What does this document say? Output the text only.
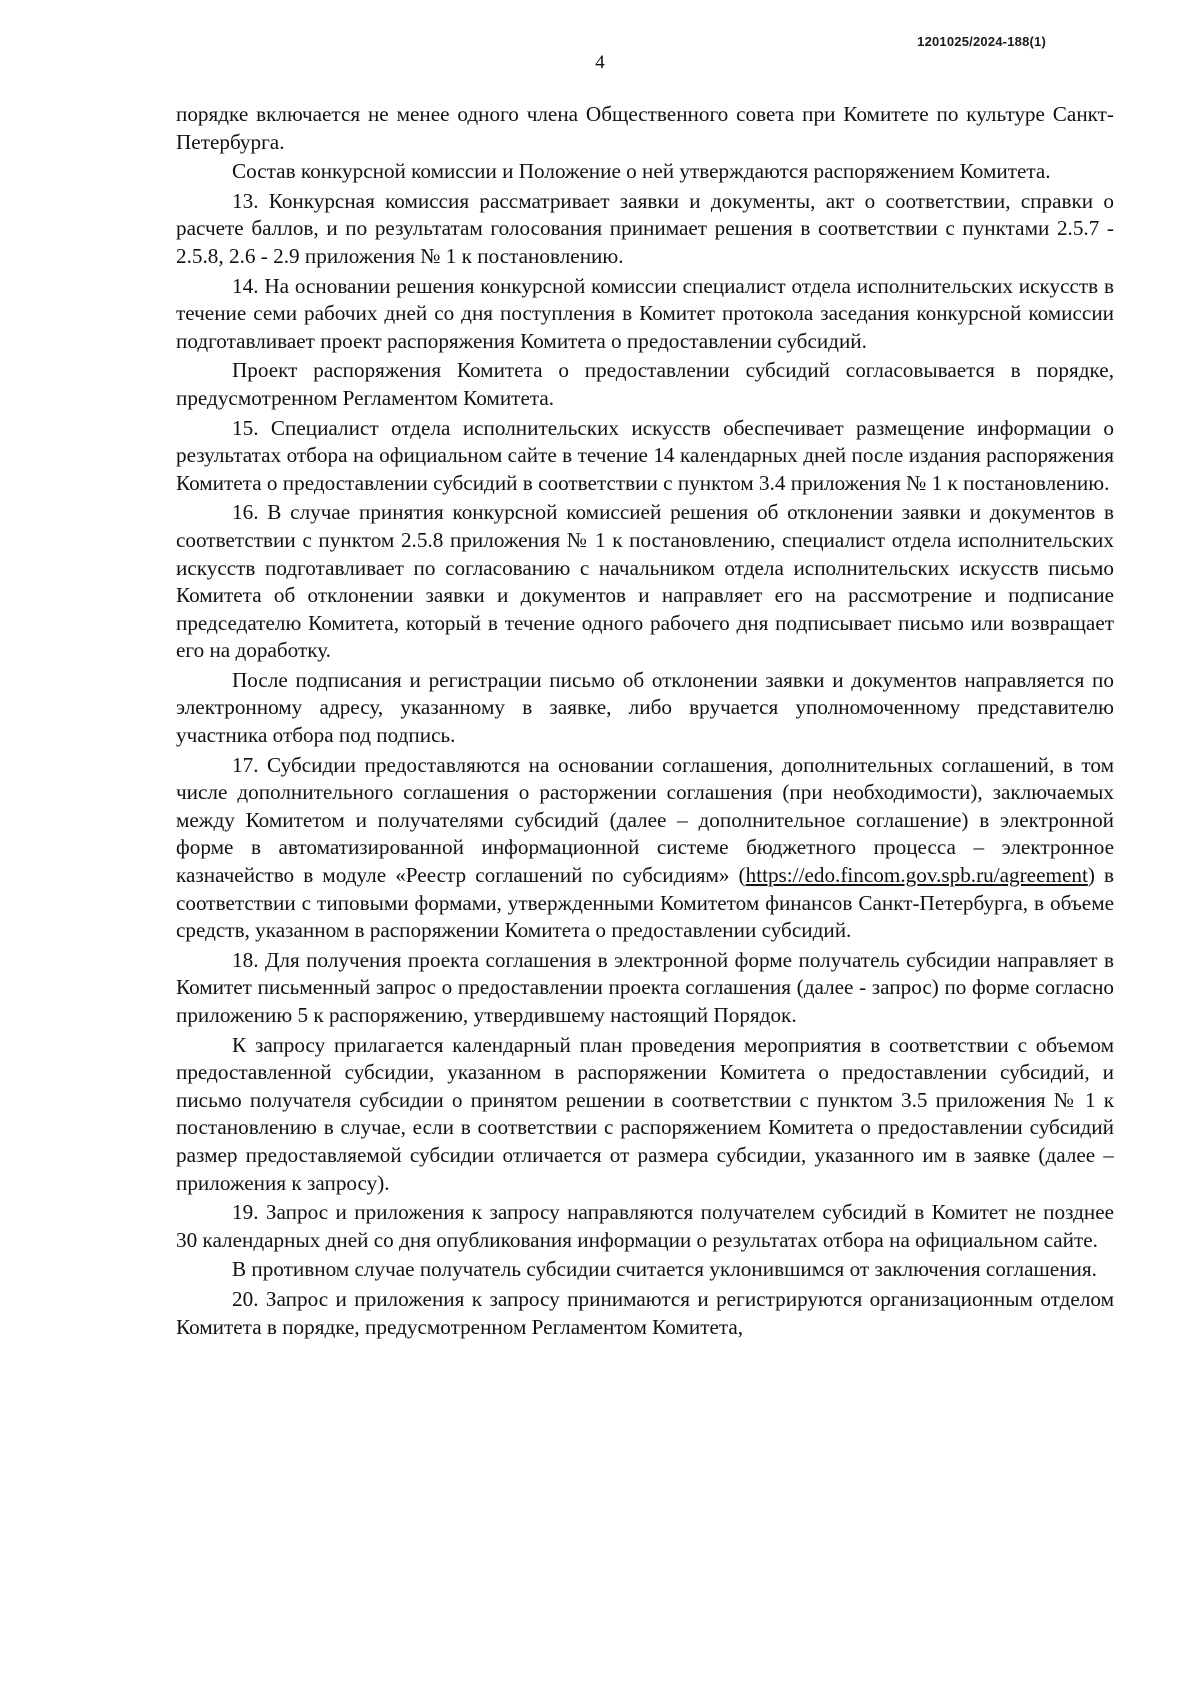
1201025/2024-188(1)
4

порядке включается не менее одного члена Общественного совета при Комитете по культуре Санкт-Петербурга.

Состав конкурсной комиссии и Положение о ней утверждаются распоряжением Комитета.

13. Конкурсная комиссия рассматривает заявки и документы, акт о соответствии, справки о расчете баллов, и по результатам голосования принимает решения в соответствии с пунктами 2.5.7 - 2.5.8, 2.6 - 2.9 приложения № 1 к постановлению.

14. На основании решения конкурсной комиссии специалист отдела исполнительских искусств в течение семи рабочих дней со дня поступления в Комитет протокола заседания конкурсной комиссии подготавливает проект распоряжения Комитета о предоставлении субсидий.

Проект распоряжения Комитета о предоставлении субсидий согласовывается в порядке, предусмотренном Регламентом Комитета.

15. Специалист отдела исполнительских искусств обеспечивает размещение информации о результатах отбора на официальном сайте в течение 14 календарных дней после издания распоряжения Комитета о предоставлении субсидий в соответствии с пунктом 3.4 приложения № 1 к постановлению.

16. В случае принятия конкурсной комиссией решения об отклонении заявки и документов в соответствии с пунктом 2.5.8 приложения № 1 к постановлению, специалист отдела исполнительских искусств подготавливает по согласованию с начальником отдела исполнительских искусств письмо Комитета об отклонении заявки и документов и направляет его на рассмотрение и подписание председателю Комитета, который в течение одного рабочего дня подписывает письмо или возвращает его на доработку.

После подписания и регистрации письмо об отклонении заявки и документов направляется по электронному адресу, указанному в заявке, либо вручается уполномоченному представителю участника отбора под подпись.

17. Субсидии предоставляются на основании соглашения, дополнительных соглашений, в том числе дополнительного соглашения о расторжении соглашения (при необходимости), заключаемых между Комитетом и получателями субсидий (далее – дополнительное соглашение) в электронной форме в автоматизированной информационной системе бюджетного процесса – электронное казначейство в модуле «Реестр соглашений по субсидиям» (https://edo.fincom.gov.spb.ru/agreement) в соответствии с типовыми формами, утвержденными Комитетом финансов Санкт-Петербурга, в объеме средств, указанном в распоряжении Комитета о предоставлении субсидий.

18. Для получения проекта соглашения в электронной форме получатель субсидии направляет в Комитет письменный запрос о предоставлении проекта соглашения (далее - запрос) по форме согласно приложению 5 к распоряжению, утвердившему настоящий Порядок.

К запросу прилагается календарный план проведения мероприятия в соответствии с объемом предоставленной субсидии, указанном в распоряжении Комитета о предоставлении субсидий, и письмо получателя субсидии о принятом решении в соответствии с пунктом 3.5 приложения № 1 к постановлению в случае, если в соответствии с распоряжением Комитета о предоставлении субсидий размер предоставляемой субсидии отличается от размера субсидии, указанного им в заявке (далее – приложения к запросу).

19. Запрос и приложения к запросу направляются получателем субсидий в Комитет не позднее 30 календарных дней со дня опубликования информации о результатах отбора на официальном сайте.

В противном случае получатель субсидии считается уклонившимся от заключения соглашения.

20. Запрос и приложения к запросу принимаются и регистрируются организационным отделом Комитета в порядке, предусмотренном Регламентом Комитета,
